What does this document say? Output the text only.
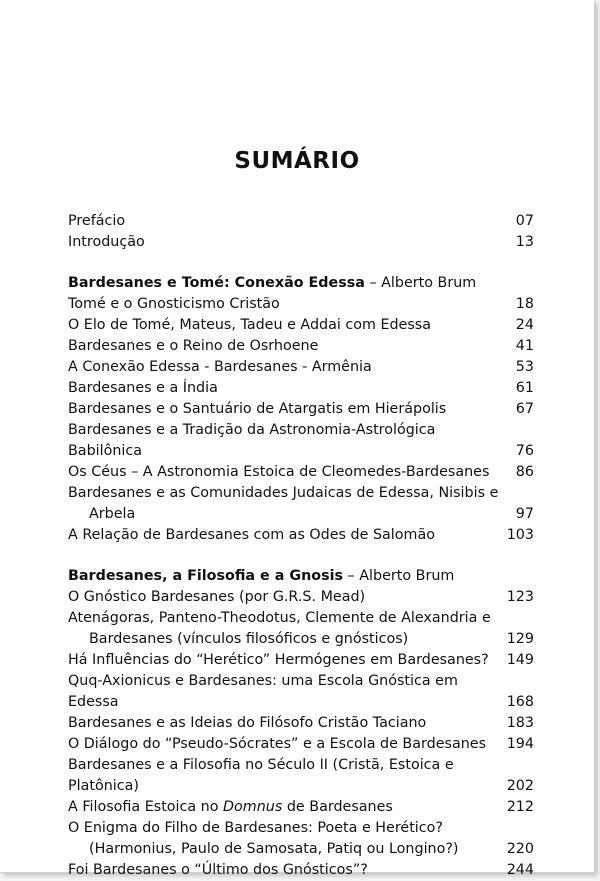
SUMÁRIO
Prefácio	07
Introdução	13
Bardesanes e Tomé: Conexão Edessa – Alberto Brum
Tomé e o Gnosticismo Cristão	18
O Elo de Tomé, Mateus, Tadeu e Addai com Edessa	24
Bardesanes e o Reino de Osrhoene	41
A Conexão Edessa - Bardesanes - Armênia	53
Bardesanes e a Índia	61
Bardesanes e o Santuário de Atargatis em Hierápolis	67
Bardesanes e a Tradição da Astronomia-Astrológica Babilônica	76
Os Céus – A Astronomia Estoica de Cleomedes-Bardesanes	86
Bardesanes e as Comunidades Judaicas de Edessa, Nisibis e
Arbela	97
A Relação de Bardesanes com as Odes de Salomão	103
Bardesanes, a Filosofia e a Gnosis – Alberto Brum
O Gnóstico Bardesanes (por G.R.S. Mead)	123
Atenágoras, Panteno-Theodotus, Clemente de Alexandria e
Bardesanes (vínculos filosóficos e gnósticos)	129
Há Influências do “Herético” Hermógenes em Bardesanes?	149
Quq-Axionicus e Bardesanes: uma Escola Gnóstica em Edessa	168
Bardesanes e as Ideias do Filósofo Cristão Taciano	183
O Diálogo do “Pseudo-Sócrates” e a Escola de Bardesanes	194
Bardesanes e a Filosofia no Século II (Cristã, Estoica e Platônica)	202
A Filosofia Estoica no Domnus de Bardesanes	212
O Enigma do Filho de Bardesanes: Poeta e Herético?
(Harmonius, Paulo de Samosata, Patiq ou Longino?)	220
Foi Bardesanes o “Último dos Gnósticos”?	244
